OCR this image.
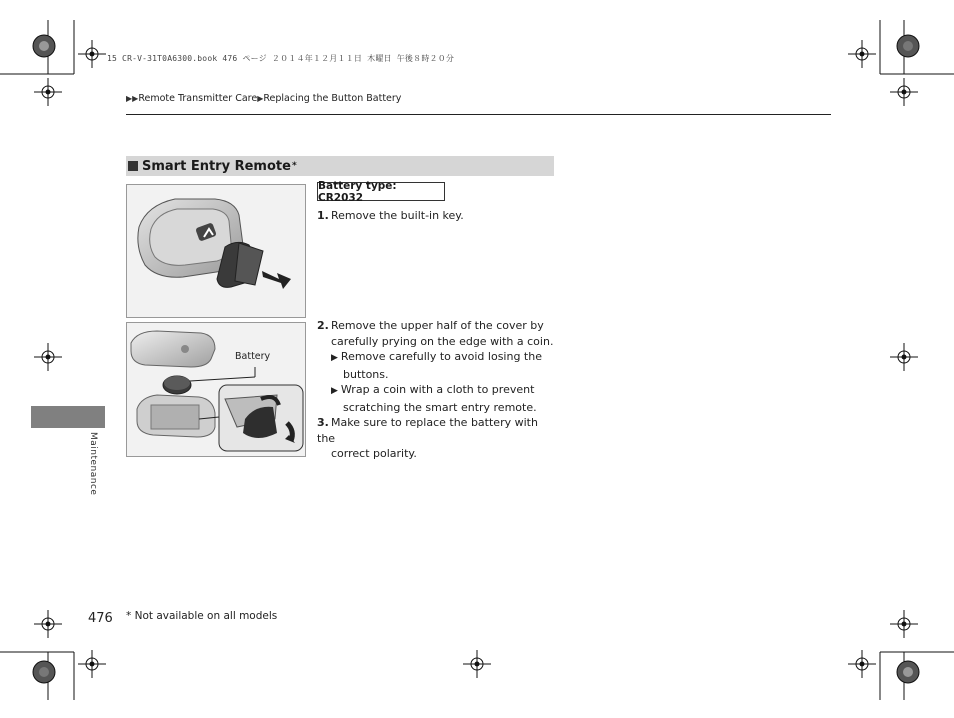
15 CR-V-31T0A6300.book 476 ページ ２０１４年１２月１１日 木曜日 午後８時２０分
▶▶Remote Transmitter Care▶Replacing the Button Battery
Smart Entry Remote *
Battery type: CR2032
1. Remove the built-in key.
Battery
2. Remove the upper half of the cover by
carefully prying on the edge with a coin.
▶ Remove carefully to avoid losing the
buttons.
▶ Wrap a coin with a cloth to prevent
scratching the smart entry remote.
3. Make sure to replace the battery with the
correct polarity.
Maintenance
476 * Not available on all models
